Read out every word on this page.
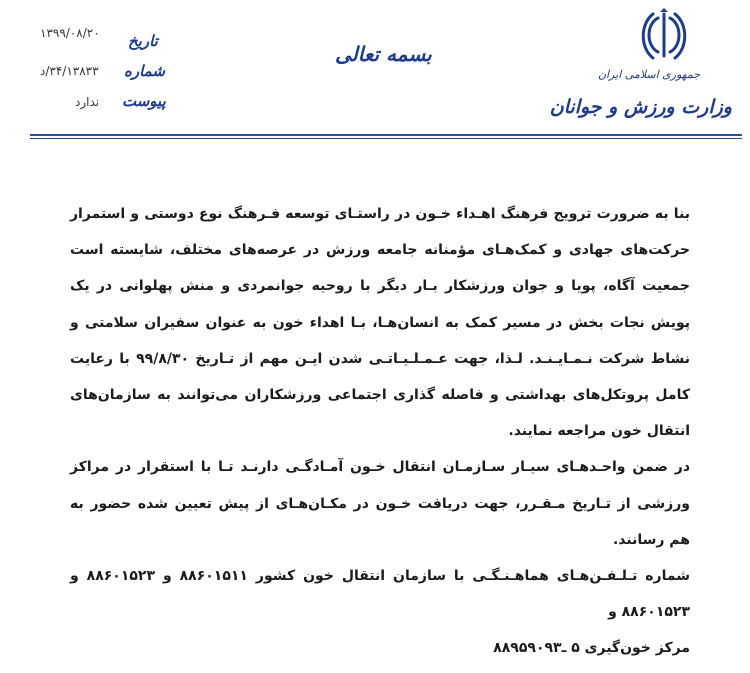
جمهوری اسلامی ایران
وزارت ورزش و جوانان
بسمه تعالی
تاریخ
شماره
پیوست
۱۳۹۹/۰۸/۲۰
۳۴/۱۳۸۳۳/د
ندارد

بنا به ضرورت ترویج فرهنگ اهـداء خـون در راستـای توسعه فـرهنگ نوع دوستی و استمرار حرکت‌های جهادی و کمک‌هـای مؤمنانه جامعه ورزش در عرصه‌های مختلف، شایسته است جمعیت آگاه، پویا و جوان ورزشکار بـار دیگر با روحیه جوانمردی و منش پهلوانی در یک پویش نجات بخش در مسیر کمک به انسان‌هـا، بـا اهداء خون به عنوان سفیران سلامتی و نشاط شرکت نـمـایـنـد. لـذا، جهت عـمـلـیـاتـی شدن ایـن مهم از تـاریخ ۹۹/۸/۳۰ با رعایت کامل پروتکل‌های بهداشتی و فاصله گذاری اجتماعی ورزشکاران می‌توانند به سازمان‌های انتقال خون مراجعه نمایند.

در ضمن واحـدهـای سیـار سـازمـان انتقال خـون آمـادگـی دارنـد تـا با استقرار در مراکز ورزشی از تـاریخ مـقـرر، جهت دریافت خـون در مکـان‌هـای از پیش تعیین شده حضور به هم رسانند.

شماره تـلـفـن‌هـای هماهـنـگـی با سازمان انتقال خون کشور ۸۸۶۰۱۵۱۱ و ۸۸۶۰۱۵۲۳ و ۸۸۶۰۱۵۲۳ و

مرکز خون‌گیری ۵ ـ۸۸۹۵۹۰۹۳
